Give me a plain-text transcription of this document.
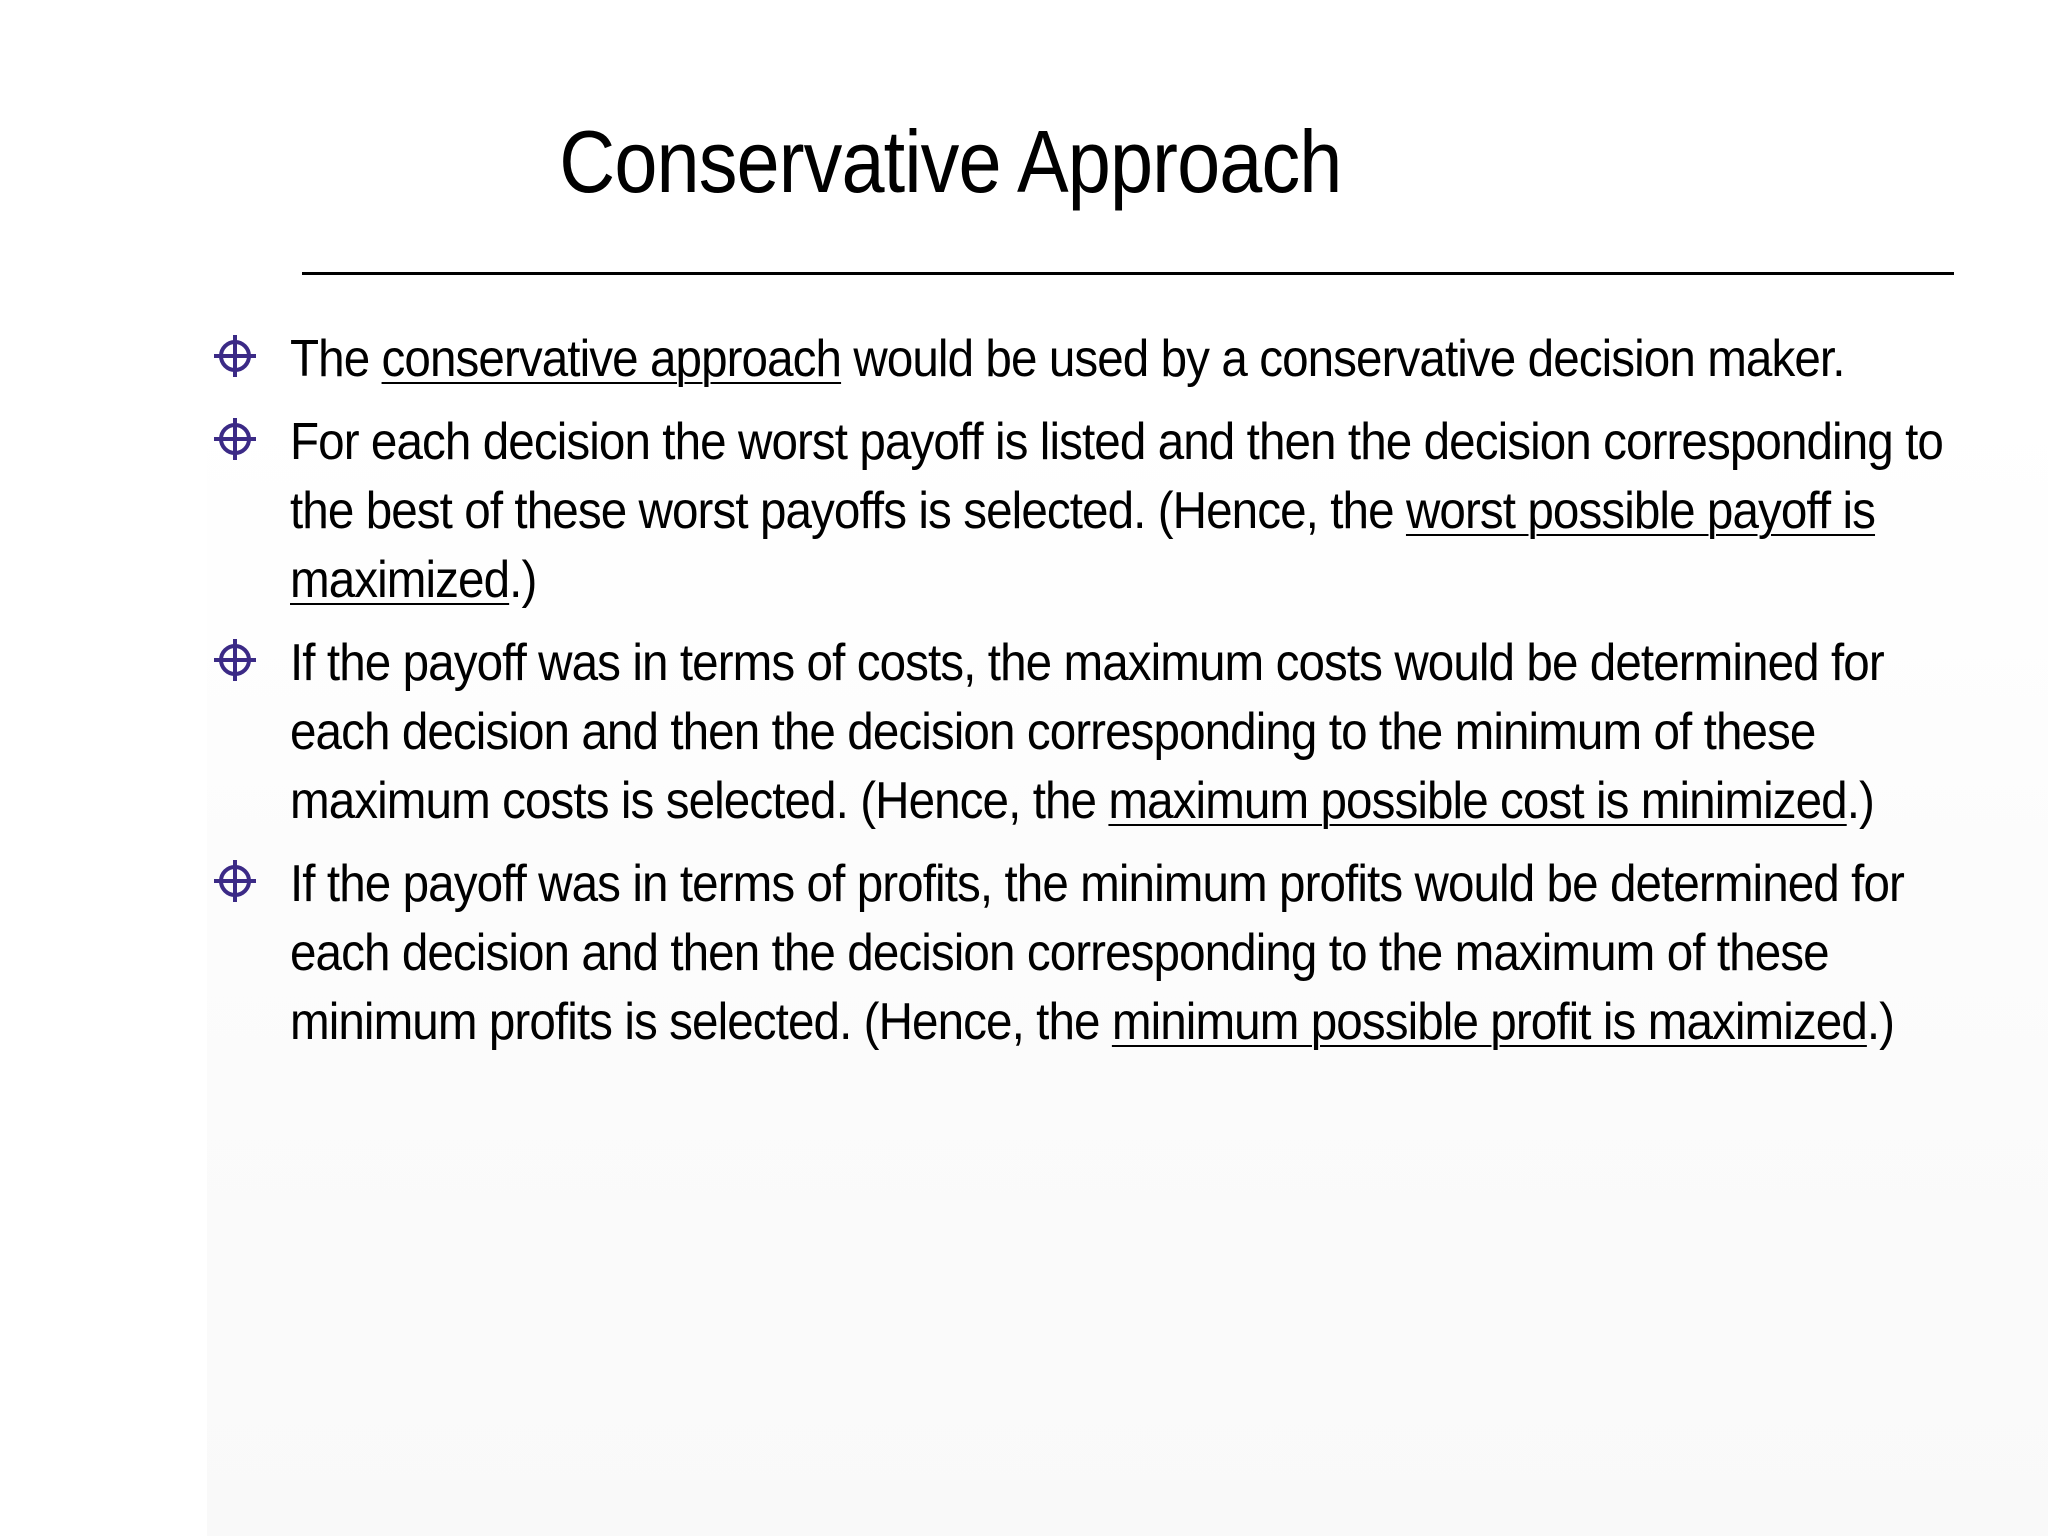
Conservative Approach
The conservative approach would be used by a conservative decision maker.
For each decision the worst payoff is listed and then the decision corresponding to the best of these worst payoffs is selected. (Hence, the worst possible payoff is maximized.)
If the payoff was in terms of costs, the maximum costs would be determined for each decision and then the decision corresponding to the minimum of these maximum costs is selected. (Hence, the maximum possible cost is minimized.)
If the payoff was in terms of profits, the minimum profits would be determined for each decision and then the decision corresponding to the maximum of these minimum profits is selected. (Hence, the minimum possible profit is maximized.)
